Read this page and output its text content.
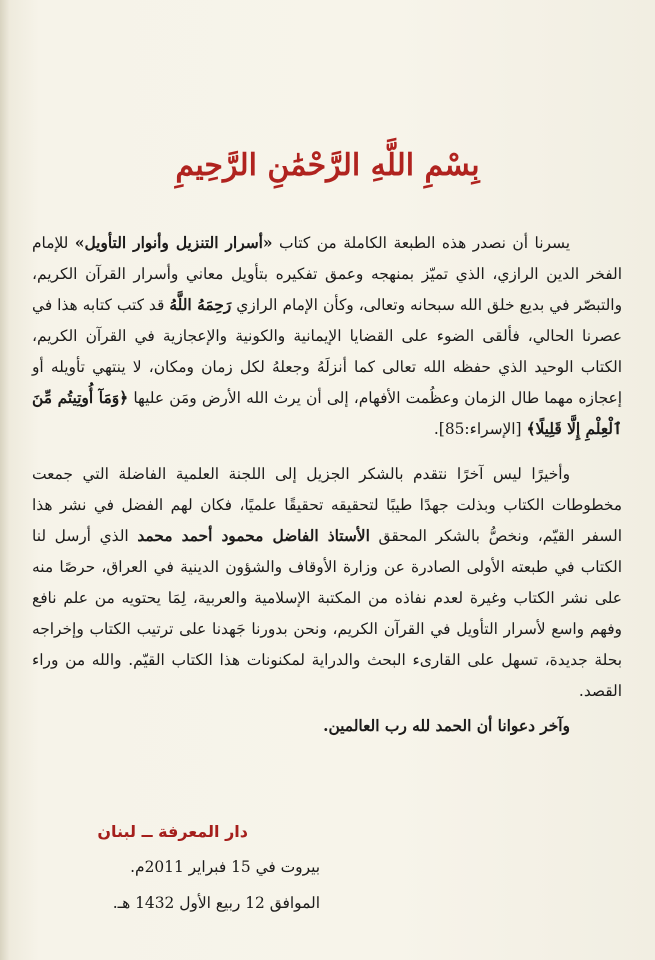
بِسْمِ اللَّهِ الرَّحْمَٰنِ الرَّحِيمِ

يسرنا أن نصدر هذه الطبعة الكاملة من كتاب «أسرار التنزيل وأنوار التأويل» للإمام الفخر الدين الرازي، الذي تميّز بمنهجه وعمق تفكيره بتأويل معاني وأسرار القرآن الكريم، والتبصّر في بديع خلق الله سبحانه وتعالى، وكأن الإمام الرازي رَحِمَهُ اللَّهُ قد كتب كتابه هذا في عصرنا الحالي، فألقى الضوء على القضايا الإيمانية والكونية والإعجازية في القرآن الكريم، الكتاب الوحيد الذي حفظه الله تعالى كما أنزلَهُ وجعلهُ لكل زمان ومكان، لا ينتهي تأويله أو إعجازه مهما طال الزمان وعظُمت الأفهام، إلى أن يرث الله الأرض ومَن عليها ﴿وَمَآ أُوتِيتُم مِّنَ ٱلْعِلْمِ إِلَّا قَلِيلًا﴾ [الإسراء:85].

وأخيرًا ليس آخرًا نتقدم بالشكر الجزيل إلى اللجنة العلمية الفاضلة التي جمعت مخطوطات الكتاب وبذلت جهدًا طيبًا لتحقيقه تحقيقًا علميًا، فكان لهم الفضل في نشر هذا السفر القيّم، ونخصُّ بالشكر المحقق الأستاذ الفاضل محمود أحمد محمد الذي أرسل لنا الكتاب في طبعته الأولى الصادرة عن وزارة الأوقاف والشؤون الدينية في العراق، حرصًا منه على نشر الكتاب وغيرة لعدم نفاذه من المكتبة الإسلامية والعربية، لِمَا يحتويه من علم نافع وفهم واسع لأسرار التأويل في القرآن الكريم، ونحن بدورنا جَهدنا على ترتيب الكتاب وإخراجه بحلة جديدة، تسهل على القارىء البحث والدراية لمكنونات هذا الكتاب القيّم. والله من وراء القصد.

وآخر دعوانا أن الحمد لله رب العالمين.

دار المعرفة ــ لبنان
بيروت في 15 فبراير 2011م.
الموافق 12 ربيع الأول 1432 هـ.
